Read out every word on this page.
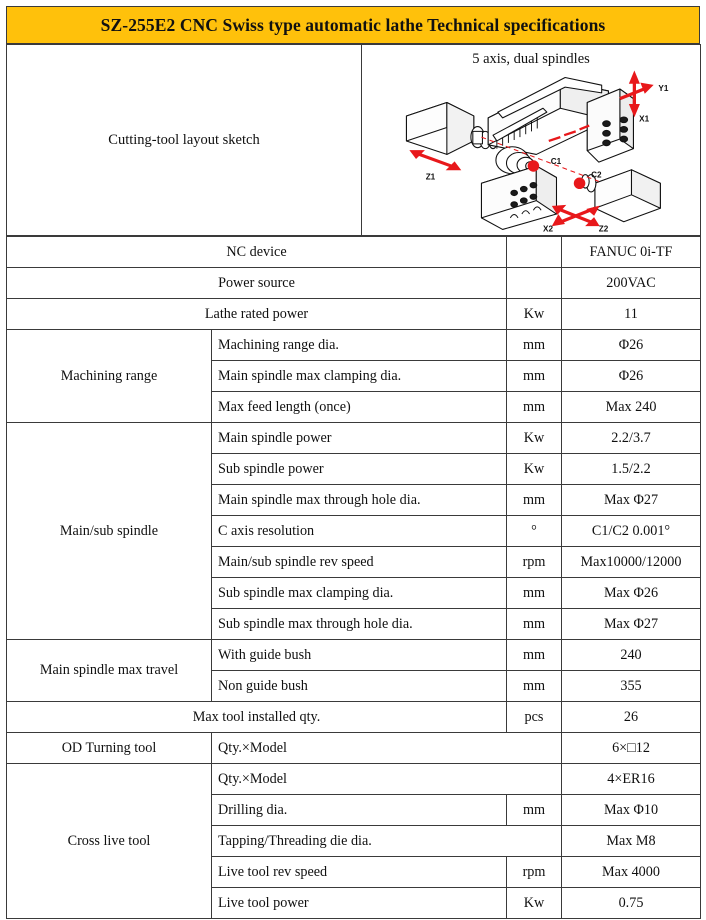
SZ-255E2 CNC Swiss type automatic lathe Technical specifications
Cutting-tool layout sketch	
5 axis, dual spindles
Y1
X1
Z1
C1
C2
X2	Z2
NC device			FANUC 0i-TF
Power source			200VAC
Lathe rated power		Kw	11
Machining range	Machining range dia.	mm	Φ26
	Main spindle max clamping dia.	mm	Φ26
	Max feed length (once)	mm	Max 240
Main/sub spindle	Main spindle power	Kw	2.2/3.7
	Sub spindle power	Kw	1.5/2.2
	Main spindle max through hole dia.	mm	Max Φ27
	C axis resolution	°	C1/C2 0.001°
	Main/sub spindle rev speed	rpm	Max10000/12000
	Sub spindle max clamping dia.	mm	Max Φ26
	Sub spindle max through hole dia.	mm	Max Φ27
Main spindle max travel	With guide bush	mm	240
	Non guide bush	mm	355
Max tool installed qty.		pcs	26
OD Turning tool	Qty.×Model		6×□12
Cross live tool	Qty.×Model		4×ER16
	Drilling dia.	mm	Max Φ10
	Tapping/Threading die dia.		Max M8
	Live tool rev speed	rpm	Max 4000
	Live tool power	Kw	0.75
